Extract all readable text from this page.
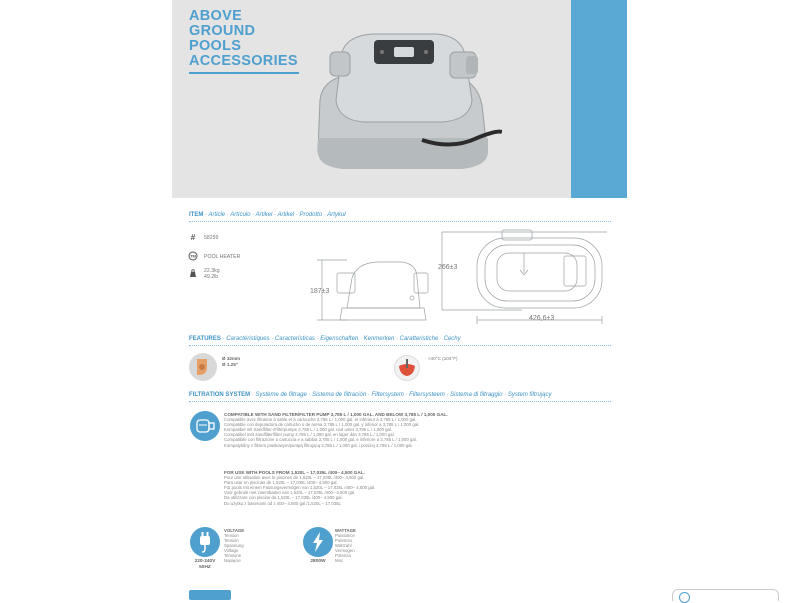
ABOVE
GROUND
POOLS
ACCESSORIES
ITEM · Article · Artículo · Artikel · Artikel · Prodotto · Artykuł
# 58259
TM POOL HEATER
22.3kg
49.2lb
187±3
266±3
426,6±3
FEATURES · Caractéristiques · Características · Eigenschaften · Kenmerken · Caratteristiche · Cechy
Ø 32mm
Ø 1.25"
<40°C (104°F)
FILTRATION SYSTEM · Système de filtrage · Sistema de filtración · Filtersystem · Filtersysteem · Sistema di filtraggio · System filtrujący
COMPATIBLE WITH SAND FILTER/FILTER PUMP 3,785 L / 1,000 GAL. AND BELOW 3,785 L / 1,000 GAL.
Compatible avec filtration à sable et à cartouche 3,785 L / 1,000 gal. et inférieur à 3,785 L / 1,000 gal.
Compatible con depuradora de cartucho o de arena 3,785 L / 1,000 gal. y inferior a 3,785 L / 1,000 gal.
Kompatibel mit Sandfilter-/Filterpumpe 3,785 L / 1,000 gal. und unter 3,785 L / 1,000 gal.
Compatibel met zandfilter/filter pump 3,785 L / 1,000 gal. en lager dan 3,785 L / 1,000 gal.
Compatibile con filtrazione a cartuccia e a sabbia 3,785 L / 1,000 gal. e inferiore a 3,785 L / 1,000 gal.
Kompatybilny z filtrem piaskowym/pompą filtrującą 3,785 L / 1,000 gal. i poniżej 3,785 L / 1,000 gal.
FOR USE WITH POOLS FROM 1,520L – 17,035L /400– 4,500 GAL.
Pour une utilisation avec le piscines de 1,520L – 17,035L /400– 4,500 gal.
Para usar en piscinas de 1,520L – 17,035L /400– 4,500 gal.
Für pools mit einem Fassungsvermögen von 1,520L – 17,035L /400– 4,500 gal.
Voor gebruik met zwembaden van 1,520L – 17,035L /400– 4,500 gal.
Da utilizzare con piscine da 1,520L – 17,035L /400– 4,500 gal.
Do użytku z basenami od z 400– 4,500 gal /1,520L – 17,035L
220-240V
50HZ
VOLTAGE
Tension
Tensión
Spannung
Voltage
Tensione
Napięcie	2800W
WATTAGE
Puissance
Potencia
Wattzahl
Vermogen
Potenza
Moc
